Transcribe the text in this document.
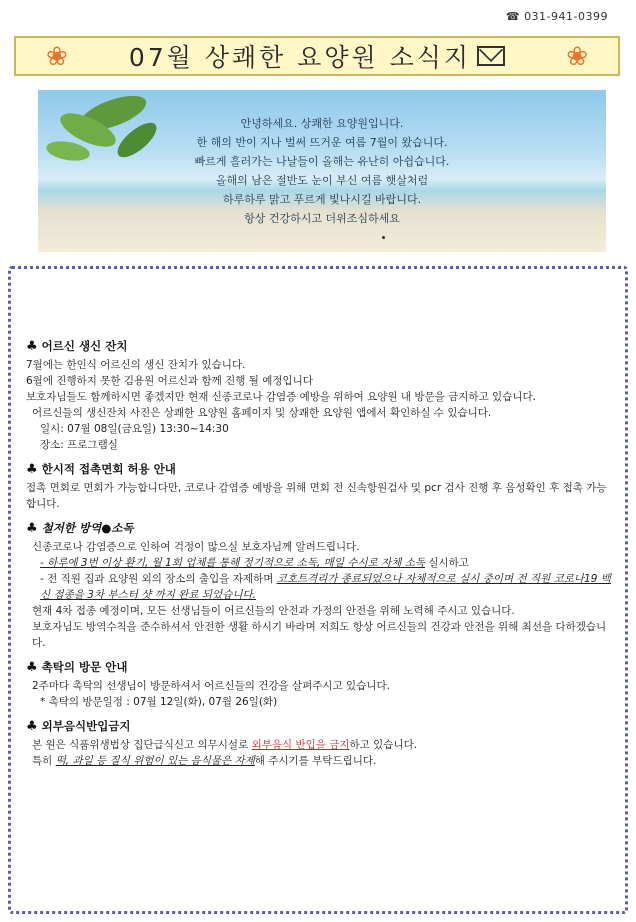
☎ 031-941-0399
❀ 07월 상쾌한 요양원 소식지	❀
안녕하세요. 상쾌한 요양원입니다.
한 해의 반이 지나 벌써 뜨거운 여름 7월이 왔습니다.
빠르게 흘러가는 나날들이 올해는 유난히 아쉽습니다.
올해의 남은 절반도 눈이 부신 여름 햇살처럼
하루하루 맑고 푸르게 빛나시길 바랍니다.
항상 건강하시고 더위조심하세요
♣ 어르신 생신 잔치

7월에는 한인식 어르신의 생신 잔치가 있습니다.

6월에 진행하지 못한 김용원 어르신과 함께 진행 될 예정입니다

보호자님들도 함께하시면 좋겠지만 현재 신종코로나 감염증 예방을 위하여 요양원 내 방문을 금지하고 있습니다.

어르신들의 생신잔치 사진은 상쾌한 요양원 홈페이지 및 상쾌한 요양원 앱에서 확인하실 수 있습니다.

일시: 07월 08일(금요일) 13:30~14:30

장소: 프로그램실

♣ 한시적 접촉면회 허용 안내

접촉 면회로 면회가 가능합니다만, 코로나 감염증 예방을 위해 면회 전 신속항원검사 및 pcr 검사 진행 후 음성확인 후 접촉 가능합니다.

♣ 철저한 방역●소독

신종코로나 감염증으로 인하여 걱정이 많으실 보호자님께 알려드립니다.

- 하루에 3번 이상 환기, 월 1회 업체를 통해 정기적으로 소독, 매일 수시로 자체 소독 실시하고

- 전 직원 집과 요양원 외의 장소의 출입을 자제하며 코호트격리가 종료되었으나 자체적으로 실시 중이며 전 직원 코로나19 백신 접종을 3차 부스터 샷 까지 완료 되었습니다.

현재 4차 접종 예정이며, 모든 선생님들이 어르신들의 안전과 가정의 안전을 위해 노력해 주시고 있습니다.

보호자님도 방역수칙을 준수하셔서 안전한 생활 하시기 바라며 저희도 항상 어르신들의 건강과 안전을 위해 최선을 다하겠습니다.

♣ 촉탁의 방문 안내

2주마다 촉탁의 선생님이 방문하셔서 어르신들의 건강을 살펴주시고 있습니다.

* 촉탁의 방문일정 : 07월 12일(화), 07월 26일(화)

♣ 외부음식반입금지

본 원은 식품위생법상 집단급식신고 의무시설로 외부음식 반입을 금지하고 있습니다.

특히 떡, 과일 등 질식 위험이 있는 음식물은 자제해 주시기를 부탁드립니다.
